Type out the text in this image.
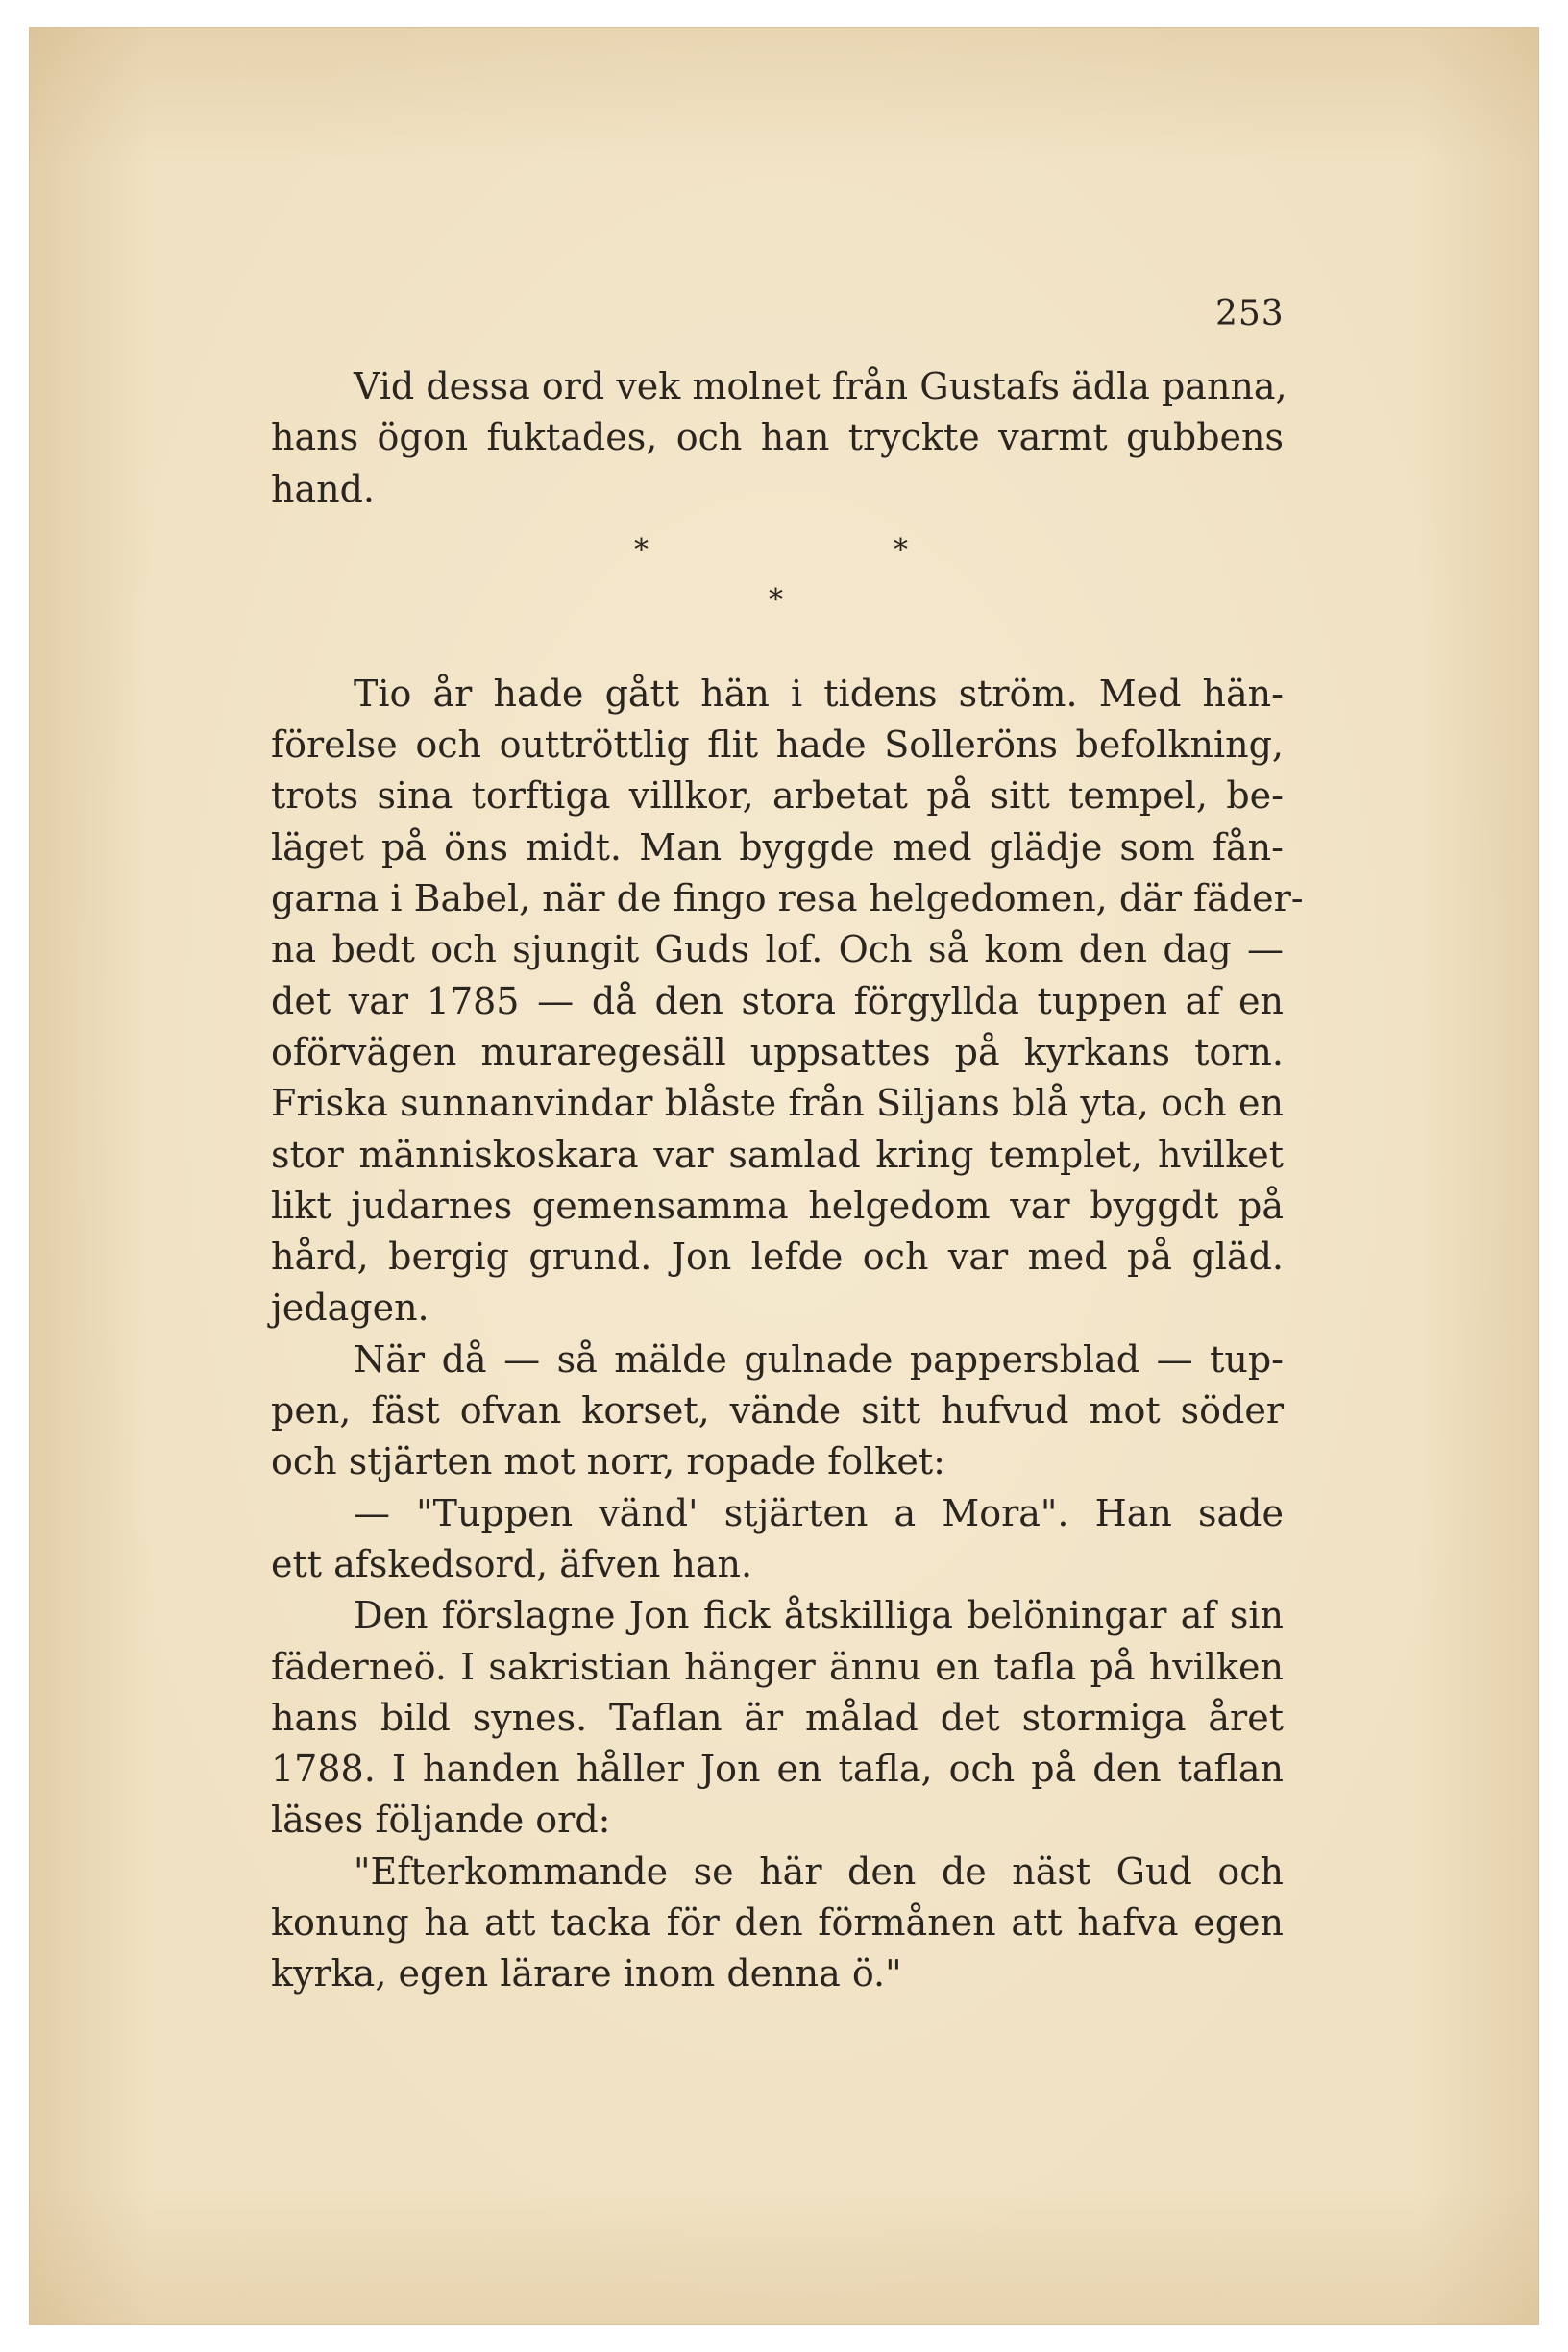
253
Vid dessa ord vek molnet från Gustafs ädla panna,
hans ögon fuktades, och han tryckte varmt gubbens
hand.
*	*
*
Tio år hade gått hän i tidens ström. Med hän-
förelse och outtröttlig flit hade Solleröns befolkning,
trots sina torftiga villkor, arbetat på sitt tempel, be-
läget på öns midt. Man byggde med glädje som fån-
garna i Babel, när de fingo resa helgedomen, där fäder-
na bedt och sjungit Guds lof. Och så kom den dag —
det var 1785 — då den stora förgyllda tuppen af en
oförvägen muraregesäll uppsattes på kyrkans torn.
Friska sunnanvindar blåste från Siljans blå yta, och en
stor människoskara var samlad kring templet, hvilket
likt judarnes gemensamma helgedom var byggdt på
hård, bergig grund. Jon lefde och var med på gläd.
jedagen.
När då — så mälde gulnade pappersblad — tup-
pen, fäst ofvan korset, vände sitt hufvud mot söder
och stjärten mot norr, ropade folket:
— "Tuppen vänd' stjärten a Mora". Han sade
ett afskedsord, äfven han.
Den förslagne Jon fick åtskilliga belöningar af sin
fäderneö. I sakristian hänger ännu en tafla på hvilken
hans bild synes. Taflan är målad det stormiga året
1788. I handen håller Jon en tafla, och på den taflan
läses följande ord:
"Efterkommande se här den de näst Gud och
konung ha att tacka för den förmånen att hafva egen
kyrka, egen lärare inom denna ö."
